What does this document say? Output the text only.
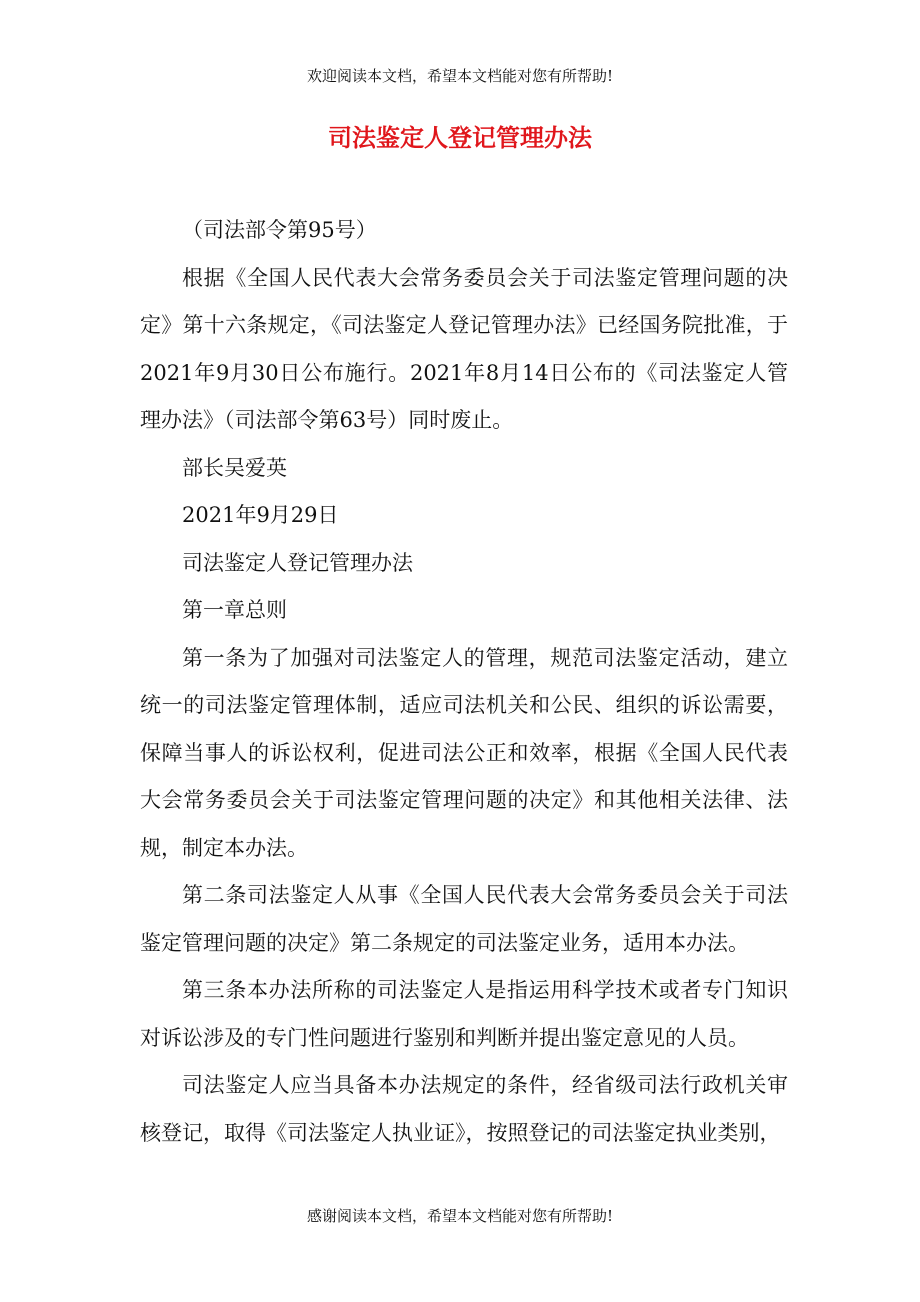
欢迎阅读本文档，希望本文档能对您有所帮助!
司法鉴定人登记管理办法

（司法部令第95号）

根据《全国人民代表大会常务委员会关于司法鉴定管理问题的决定》第十六条规定，《司法鉴定人登记管理办法》已经国务院批准，于2021年9月30日公布施行。2021年8月14日公布的《司法鉴定人管理办法》（司法部令第63号）同时废止。

部长吴爱英

2021年9月29日

司法鉴定人登记管理办法

第一章总则

第一条为了加强对司法鉴定人的管理，规范司法鉴定活动，建立统一的司法鉴定管理体制，适应司法机关和公民、组织的诉讼需要，保障当事人的诉讼权利，促进司法公正和效率，根据《全国人民代表大会常务委员会关于司法鉴定管理问题的决定》和其他相关法律、法规，制定本办法。

第二条司法鉴定人从事《全国人民代表大会常务委员会关于司法鉴定管理问题的决定》第二条规定的司法鉴定业务，适用本办法。

第三条本办法所称的司法鉴定人是指运用科学技术或者专门知识对诉讼涉及的专门性问题进行鉴别和判断并提出鉴定意见的人员。

司法鉴定人应当具备本办法规定的条件，经省级司法行政机关审核登记，取得《司法鉴定人执业证》，按照登记的司法鉴定执业类别，

感谢阅读本文档，希望本文档能对您有所帮助!
